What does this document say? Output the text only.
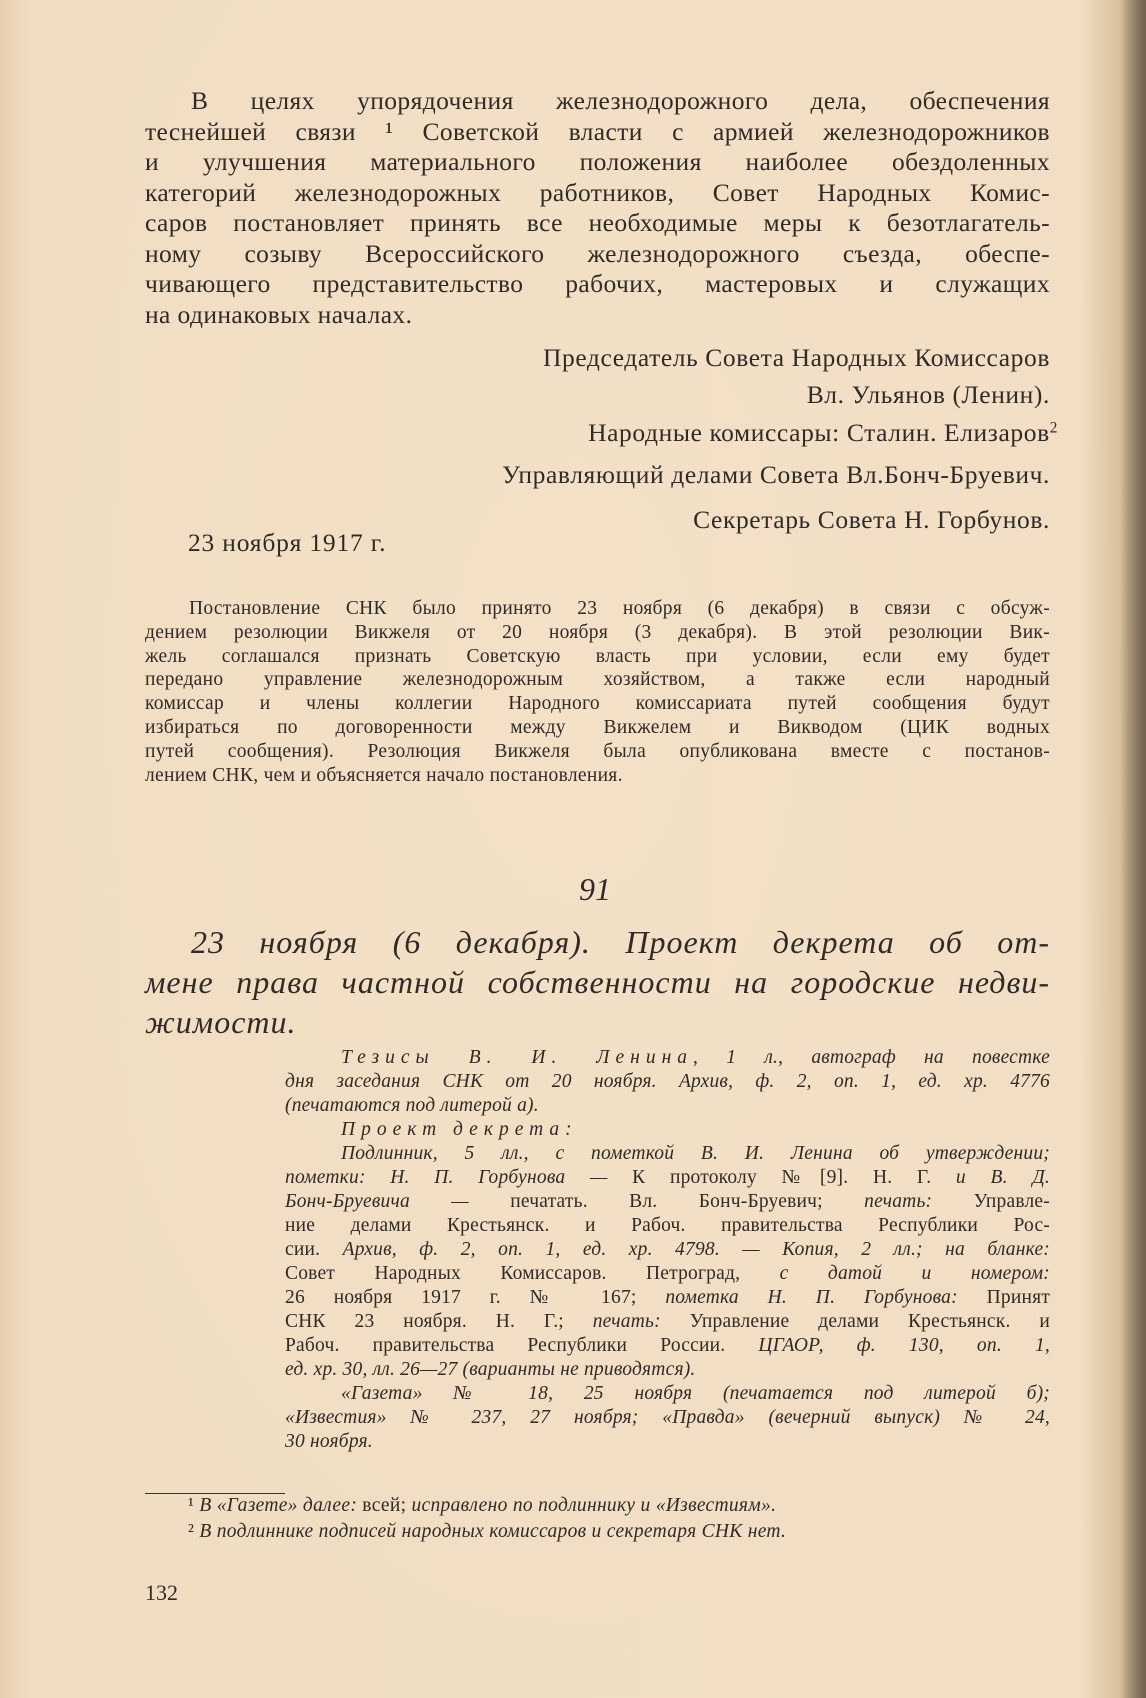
В целях упорядочения железнодорожного дела, обеспечения
теснейшей связи ¹ Советской власти с армией железнодорожников
и улучшения материального положения наиболее обездоленных
категорий железнодорожных работников, Совет Народных Комис-
саров постановляет принять все необходимые меры к безотлагатель-
ному созыву Всероссийского железнодорожного съезда, обеспе-
чивающего представительство рабочих, мастеровых и служащих
на одинаковых началах.
Председатель Совета Народных Комиссаров
Вл. Ульянов (Ленин).
Народные комиссары: Сталин. Елизаров$^2$
Управляющий делами Совета Вл.Бонч-Бруевич.
Секретарь Совета Н. Горбунов.
23 ноября 1917 г.
Постановление СНК было принято 23 ноября (6 декабря) в связи с обсуж-
дением резолюции Викжеля от 20 ноября (3 декабря). В этой резолюции Вик-
жель соглашался признать Советскую власть при условии, если ему будет
передано управление железнодорожным хозяйством, а также если народный
комиссар и члены коллегии Народного комиссариата путей сообщения будут
избираться по договоренности между Викжелем и Викводом (ЦИК водных
путей сообщения). Резолюция Викжеля была опубликована вместе с постанов-
лением СНК, чем и объясняется начало постановления.
91
23 ноября (6 декабря). Проект декрета об от-
мене права частной собственности на городские недви-
жимости.
Тезисы В. И. Ленина, 1 л., автограф на повестке
дня заседания СНК от 20 ноября. Архив, ф. 2, оп. 1, ед. хр. 4776
(печатаются под литерой а).
Проект декрета:
Подлинник, 5 лл., с пометкой В. И. Ленина об утверждении;
пометки: Н. П. Горбунова — К протоколу №[9]. Н. Г. и В. Д.
Бонч-Бруевича — печатать. Вл. Бонч-Бруевич; печать: Управле-
ние делами Крестьянск. и Рабоч. правительства Республики Рос-
сии. Архив, ф. 2, оп. 1, ед. хр. 4798. — Копия, 2 лл.; на бланке:
Совет Народных Комиссаров. Петроград, с датой и номером:
26 ноября 1917 г. № 167; пометка Н. П. Горбунова: Принят
СНК 23 ноября. Н. Г.; печать: Управление делами Крестьянск. и
Рабоч. правительства Республики России. ЦГАОР, ф. 130, оп. 1,
ед. хр. 30, лл. 26—27 (варианты не приводятся).
«Газета» № 18, 25 ноября (печатается под литерой б);
«Известия» № 237, 27 ноября; «Правда» (вечерний выпуск) № 24,
30 ноября.
¹ В «Газете» далее: всей; исправлено по подлиннику и «Известиям».
² В подлиннике подписей народных комиссаров и секретаря СНК нет.
132
